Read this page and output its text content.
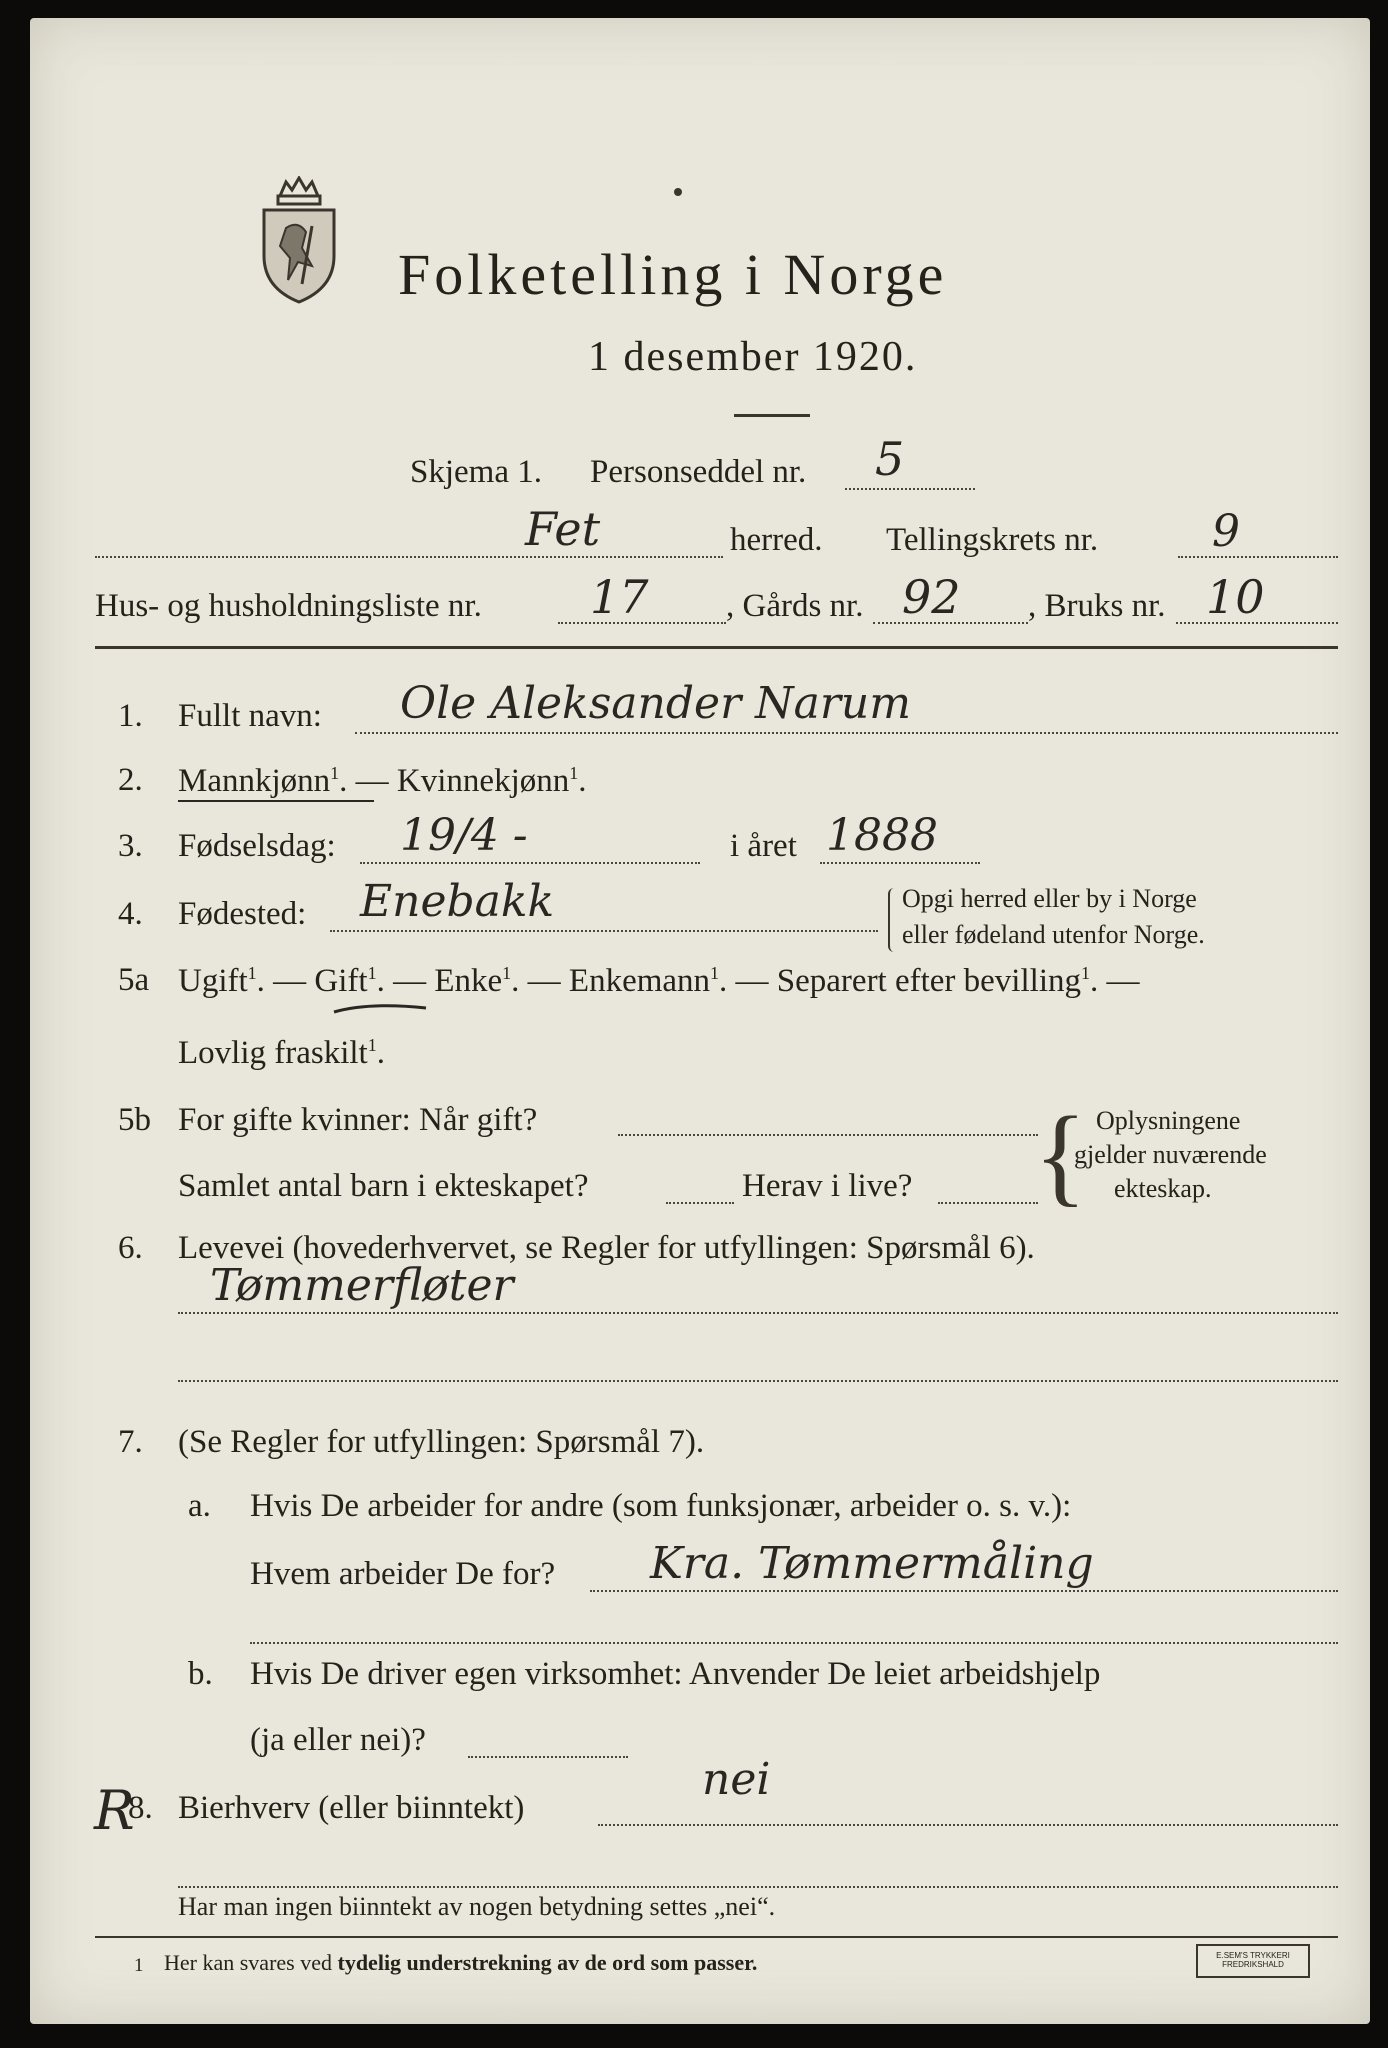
Folketelling i Norge
1 desember 1920.
Skjema 1. Personseddel nr. 5
Fet	herred. Tellingskrets nr.	9
Hus- og husholdningsliste nr. 17 , Gårds nr. 92 , Bruks nr. 10
1. Fullt navn: Ole Aleksander Narum
2. Mannkjønn$^1$. — Kvinnekjønn$^1$.
3. Fødselsdag: 19/4 -	i året 1888
4. Fødested: Enebakk	Opgi herred eller by i Norge
eller fødeland utenfor Norge.
5a Ugift$^1$. — Gift$^1$. — Enke$^1$. — Enkemann$^1$. — Separert efter bevilling$^1$. —
Lovlig fraskilt$^1$.
5b For gifte kvinner: Når gift?
Samlet antal barn i ekteskapet?	Herav i live? { Oplysningene
gjelder nuværende
ekteskap.
6. Levevei (hovederhvervet, se Regler for utfyllingen: Spørsmål 6).
Tømmerfløter
7. (Se Regler for utfyllingen: Spørsmål 7).
a. Hvis De arbeider for andre (som funksjonær, arbeider o. s. v.):
Hvem arbeider De for? Kra. Tømmermåling
b. Hvis De driver egen virksomhet: Anvender De leiet arbeidshjelp
(ja eller nei)?
R
8. Bierhverv (eller biinntekt)
nei
Har man ingen biinntekt av nogen betydning settes „nei“.
1 Her kan svares ved tydelig understrekning av de ord som passer.	E.SEM'S TRYKKERI
FREDRIKSHALD
